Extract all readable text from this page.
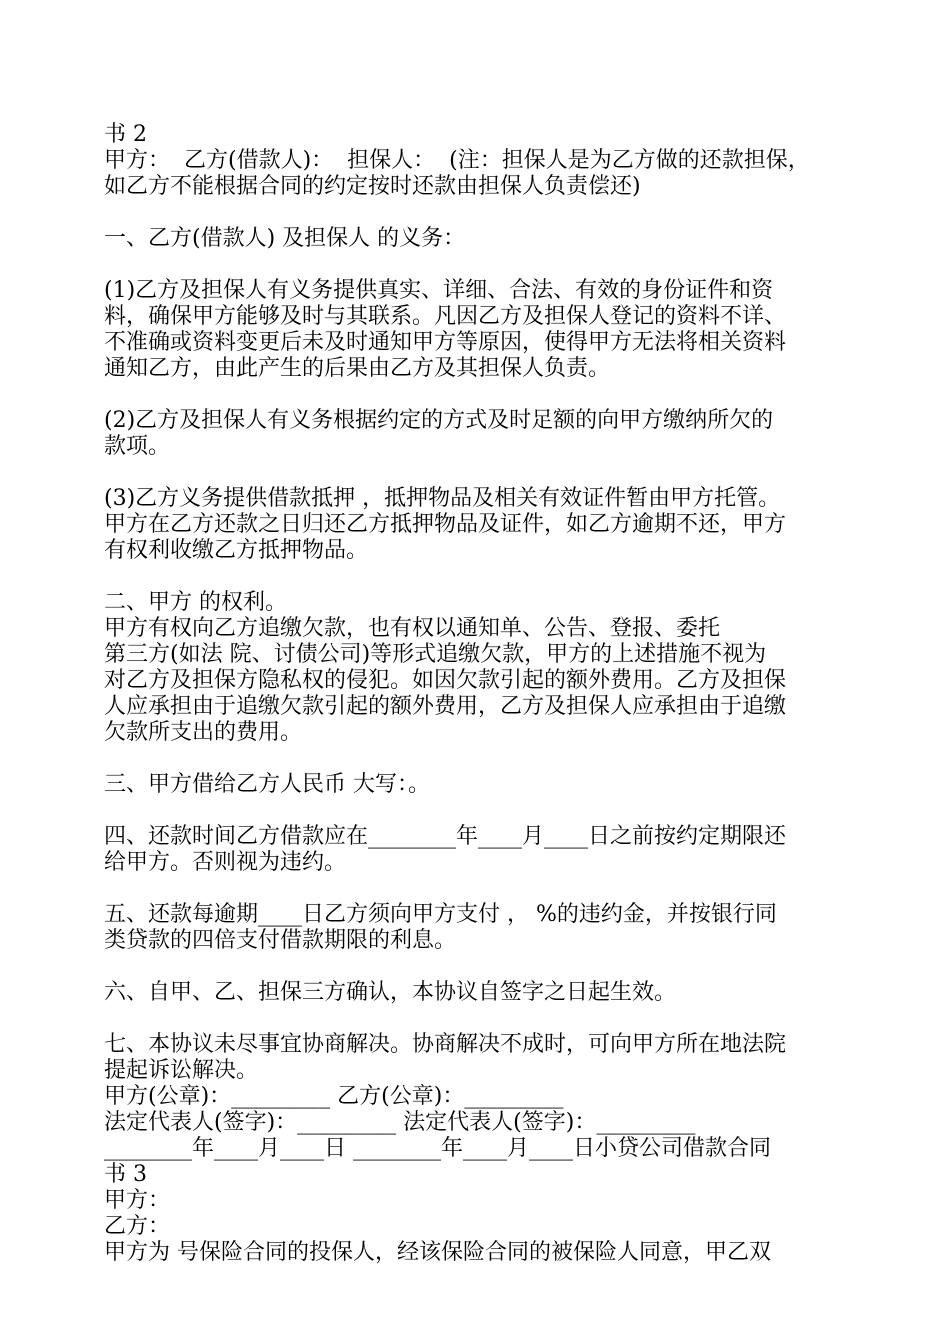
书 2
甲方：  乙方(借款人)：  担保人：  (注：担保人是为乙方做的还款担保，
如乙方不能根据合同的约定按时还款由担保人负责偿还)
一、乙方(借款人) 及担保人 的义务：
(1)乙方及担保人有义务提供真实、详细、合法、有效的身份证件和资
料，确保甲方能够及时与其联系。凡因乙方及担保人登记的资料不详、
不准确或资料变更后未及时通知甲方等原因，使得甲方无法将相关资料
通知乙方，由此产生的后果由乙方及其担保人负责。
(2)乙方及担保人有义务根据约定的方式及时足额的向甲方缴纳所欠的
款项。
(3)乙方义务提供借款抵押 ，抵押物品及相关有效证件暂由甲方托管。
甲方在乙方还款之日归还乙方抵押物品及证件，如乙方逾期不还，甲方
有权利收缴乙方抵押物品。
二、甲方 的权利。
甲方有权向乙方追缴欠款，也有权以通知单、公告、登报、委托
第三方(如法 院、讨债公司)等形式追缴欠款，甲方的上述措施不视为
对乙方及担保方隐私权的侵犯。如因欠款引起的额外费用。乙方及担保
人应承担由于追缴欠款引起的额外费用，乙方及担保人应承担由于追缴
欠款所支出的费用。
三、甲方借给乙方人民币 大写：。
四、还款时间乙方借款应在________年____月____日之前按约定期限还
给甲方。否则视为违约。
五、还款每逾期____日乙方须向甲方支付 ， %的违约金，并按银行同
类贷款的四倍支付借款期限的利息。
六、自甲、乙、担保三方确认，本协议自签字之日起生效。
七、本协议未尽事宜协商解决。协商解决不成时，可向甲方所在地法院
提起诉讼解决。
甲方(公章)：_________ 乙方(公章)：_________
法定代表人(签字)：_________ 法定代表人(签字)：_________
________年____月____日 ________年____月____日小贷公司借款合同
书 3
甲方：
乙方：
甲方为 号保险合同的投保人，经该保险合同的被保险人同意，甲乙双
